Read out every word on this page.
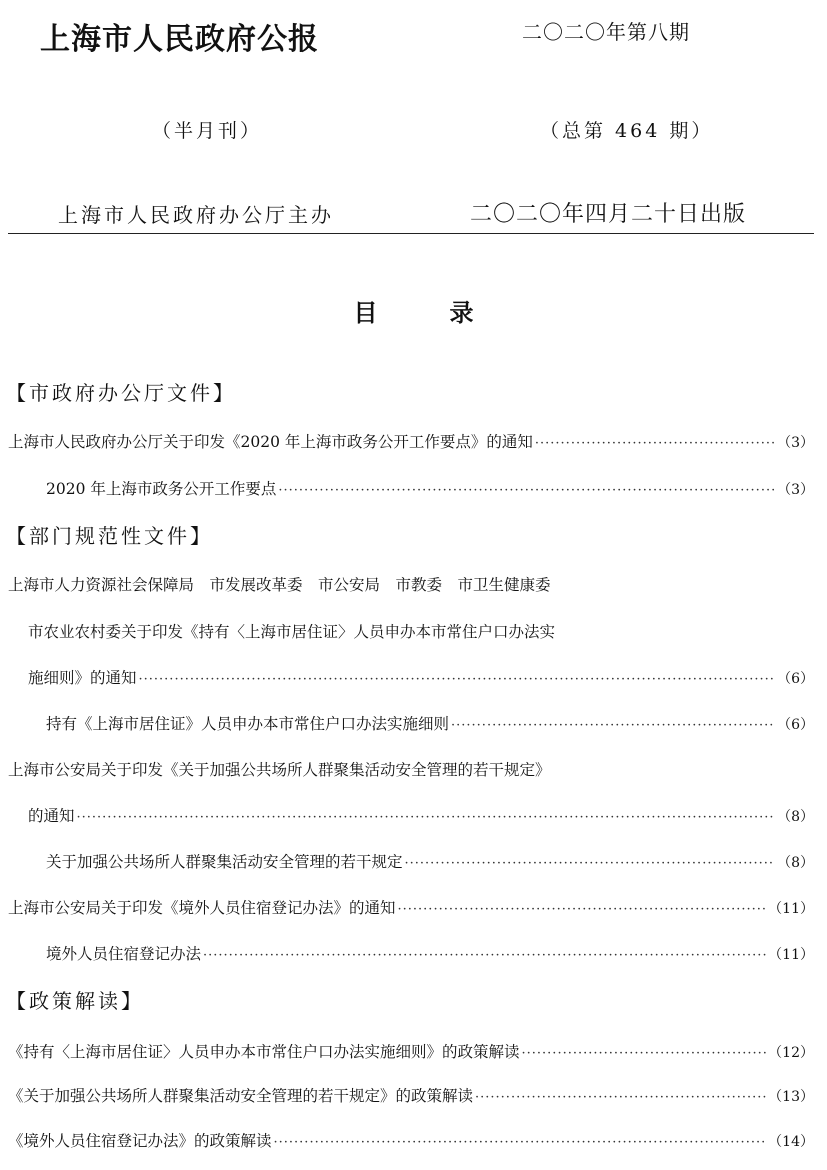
上海市人民政府公报	二〇二〇年第八期
（半月刊）	（总第 464 期）
上海市人民政府办公厅主办	二〇二〇年四月二十日出版
目	录
【市政府办公厅文件】
上海市人民政府办公厅关于印发《2020 年上海市政务公开工作要点》的通知 ·····	（3）
2020 年上海市政务公开工作要点 ·····	（3）
【部门规范性文件】
上海市人力资源社会保障局　市发展改革委　市公安局　市教委　市卫生健康委
市农业农村委关于印发《持有〈上海市居住证〉人员申办本市常住户口办法实
施细则》的通知 ·····	（6）
持有《上海市居住证》人员申办本市常住户口办法实施细则 ·····	（6）
上海市公安局关于印发《关于加强公共场所人群聚集活动安全管理的若干规定》
的通知 ·····	（8）
关于加强公共场所人群聚集活动安全管理的若干规定 ·····	（8）
上海市公安局关于印发《境外人员住宿登记办法》的通知 ·····	（11）
境外人员住宿登记办法 ·····	（11）
【政策解读】
《持有〈上海市居住证〉人员申办本市常住户口办法实施细则》的政策解读 ·····	（12）
《关于加强公共场所人群聚集活动安全管理的若干规定》的政策解读 ·····	（13）
《境外人员住宿登记办法》的政策解读 ·····	（14）
